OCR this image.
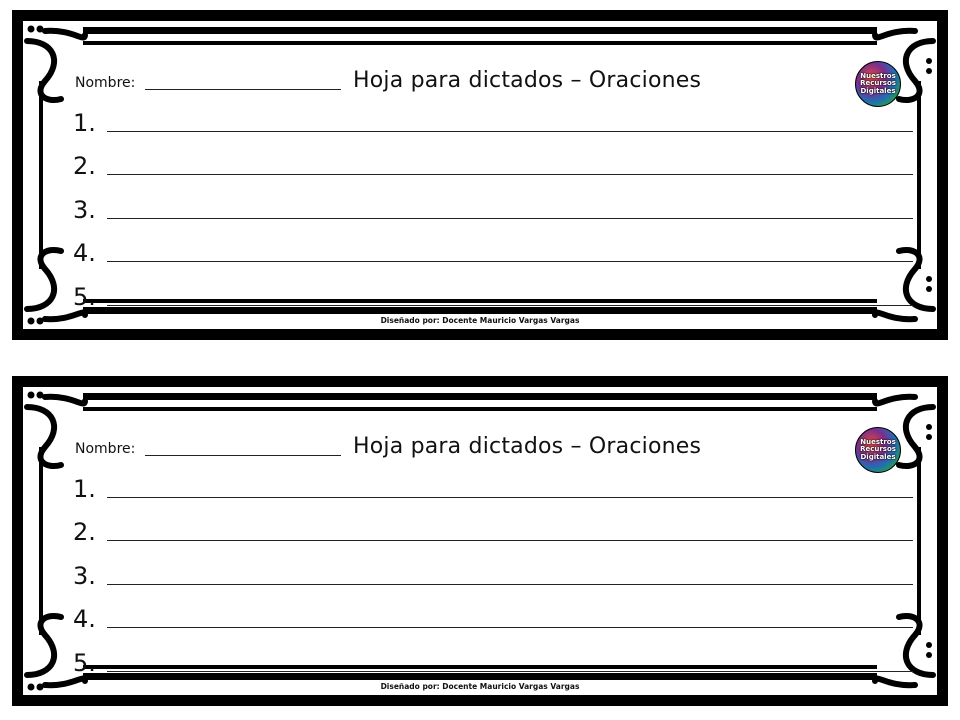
Nombre:	Hoja para dictados – Oraciones
1.
2.
3.
4.
5.
Nuestros Recursos Digitales
Diseñado por: Docente Mauricio Vargas Vargas
Nombre:	Hoja para dictados – Oraciones
1.
2.
3.
4.
5.
Nuestros Recursos Digitales
Diseñado por: Docente Mauricio Vargas Vargas
